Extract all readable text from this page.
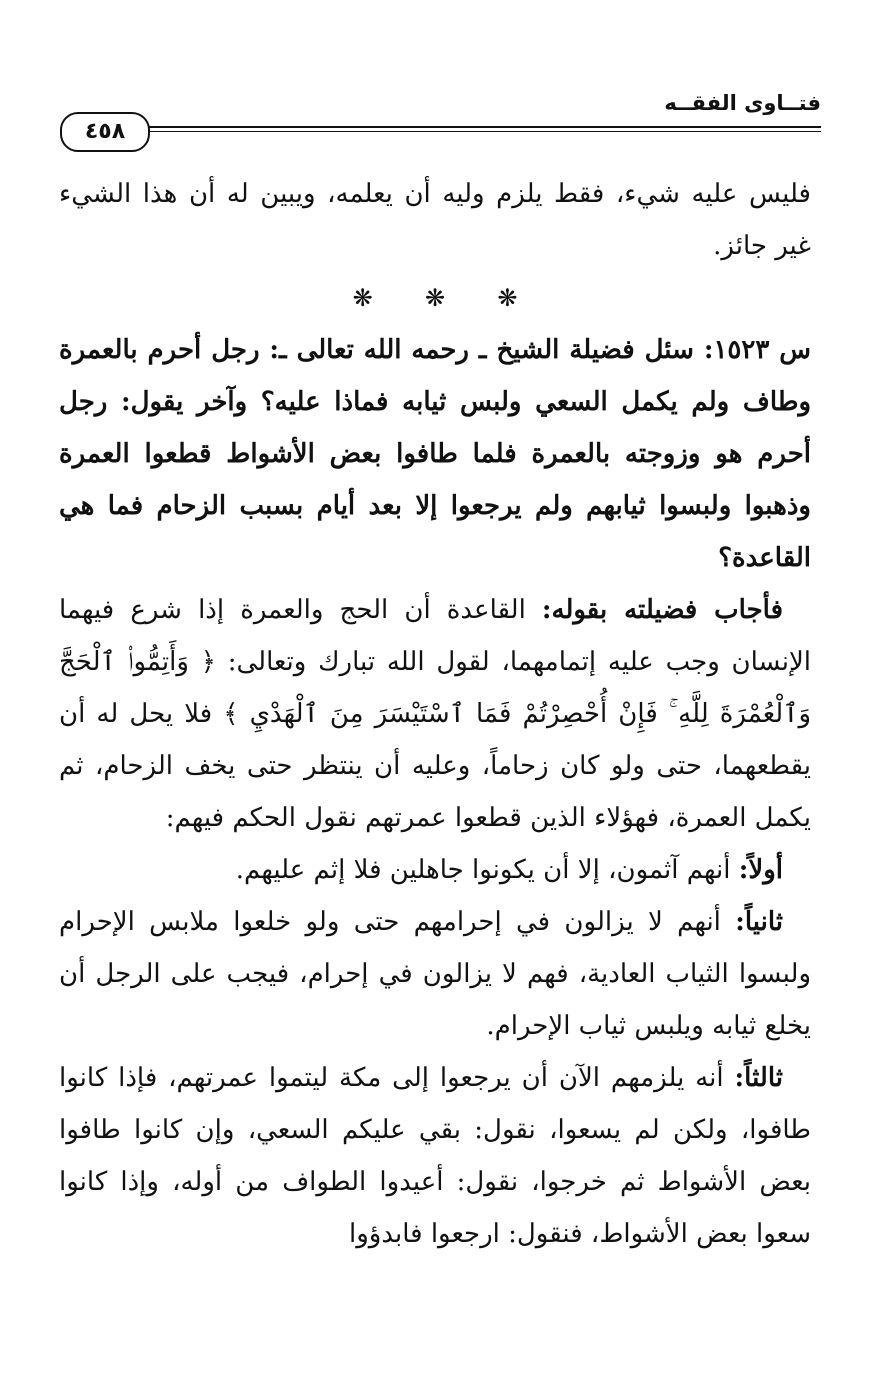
فتــاوى الفقــه
٤٥٨

فليس عليه شيء، فقط يلزم وليه أن يعلمه، ويبين له أن هذا الشيء غير جائز.

❋ ❋ ❋

س ١٥٢٣: سئل فضيلة الشيخ ـ رحمه الله تعالى ـ: رجل أحرم بالعمرة وطاف ولم يكمل السعي ولبس ثيابه فماذا عليه؟ وآخر يقول: رجل أحرم هو وزوجته بالعمرة فلما طافوا بعض الأشواط قطعوا العمرة وذهبوا ولبسوا ثيابهم ولم يرجعوا إلا بعد أيام بسبب الزحام فما هي القاعدة؟

فأجاب فضيلته بقوله: القاعدة أن الحج والعمرة إذا شرع فيهما الإنسان وجب عليه إتمامهما، لقول الله تبارك وتعالى: ﴿ وَأَتِمُّوا۟ ٱلْحَجَّ وَٱلْعُمْرَةَ لِلَّهِ ۚ فَإِنْ أُحْصِرْتُمْ فَمَا ٱسْتَيْسَرَ مِنَ ٱلْهَدْيِ ﴾ فلا يحل له أن يقطعهما، حتى ولو كان زحاماً، وعليه أن ينتظر حتى يخف الزحام، ثم يكمل العمرة، فهؤلاء الذين قطعوا عمرتهم نقول الحكم فيهم:

أولاً: أنهم آثمون، إلا أن يكونوا جاهلين فلا إثم عليهم.

ثانياً: أنهم لا يزالون في إحرامهم حتى ولو خلعوا ملابس الإحرام ولبسوا الثياب العادية، فهم لا يزالون في إحرام، فيجب على الرجل أن يخلع ثيابه ويلبس ثياب الإحرام.

ثالثاً: أنه يلزمهم الآن أن يرجعوا إلى مكة ليتموا عمرتهم، فإذا كانوا طافوا، ولكن لم يسعوا، نقول: بقي عليكم السعي، وإن كانوا طافوا بعض الأشواط ثم خرجوا، نقول: أعيدوا الطواف من أوله، وإذا كانوا سعوا بعض الأشواط، فنقول: ارجعوا فابدؤوا
